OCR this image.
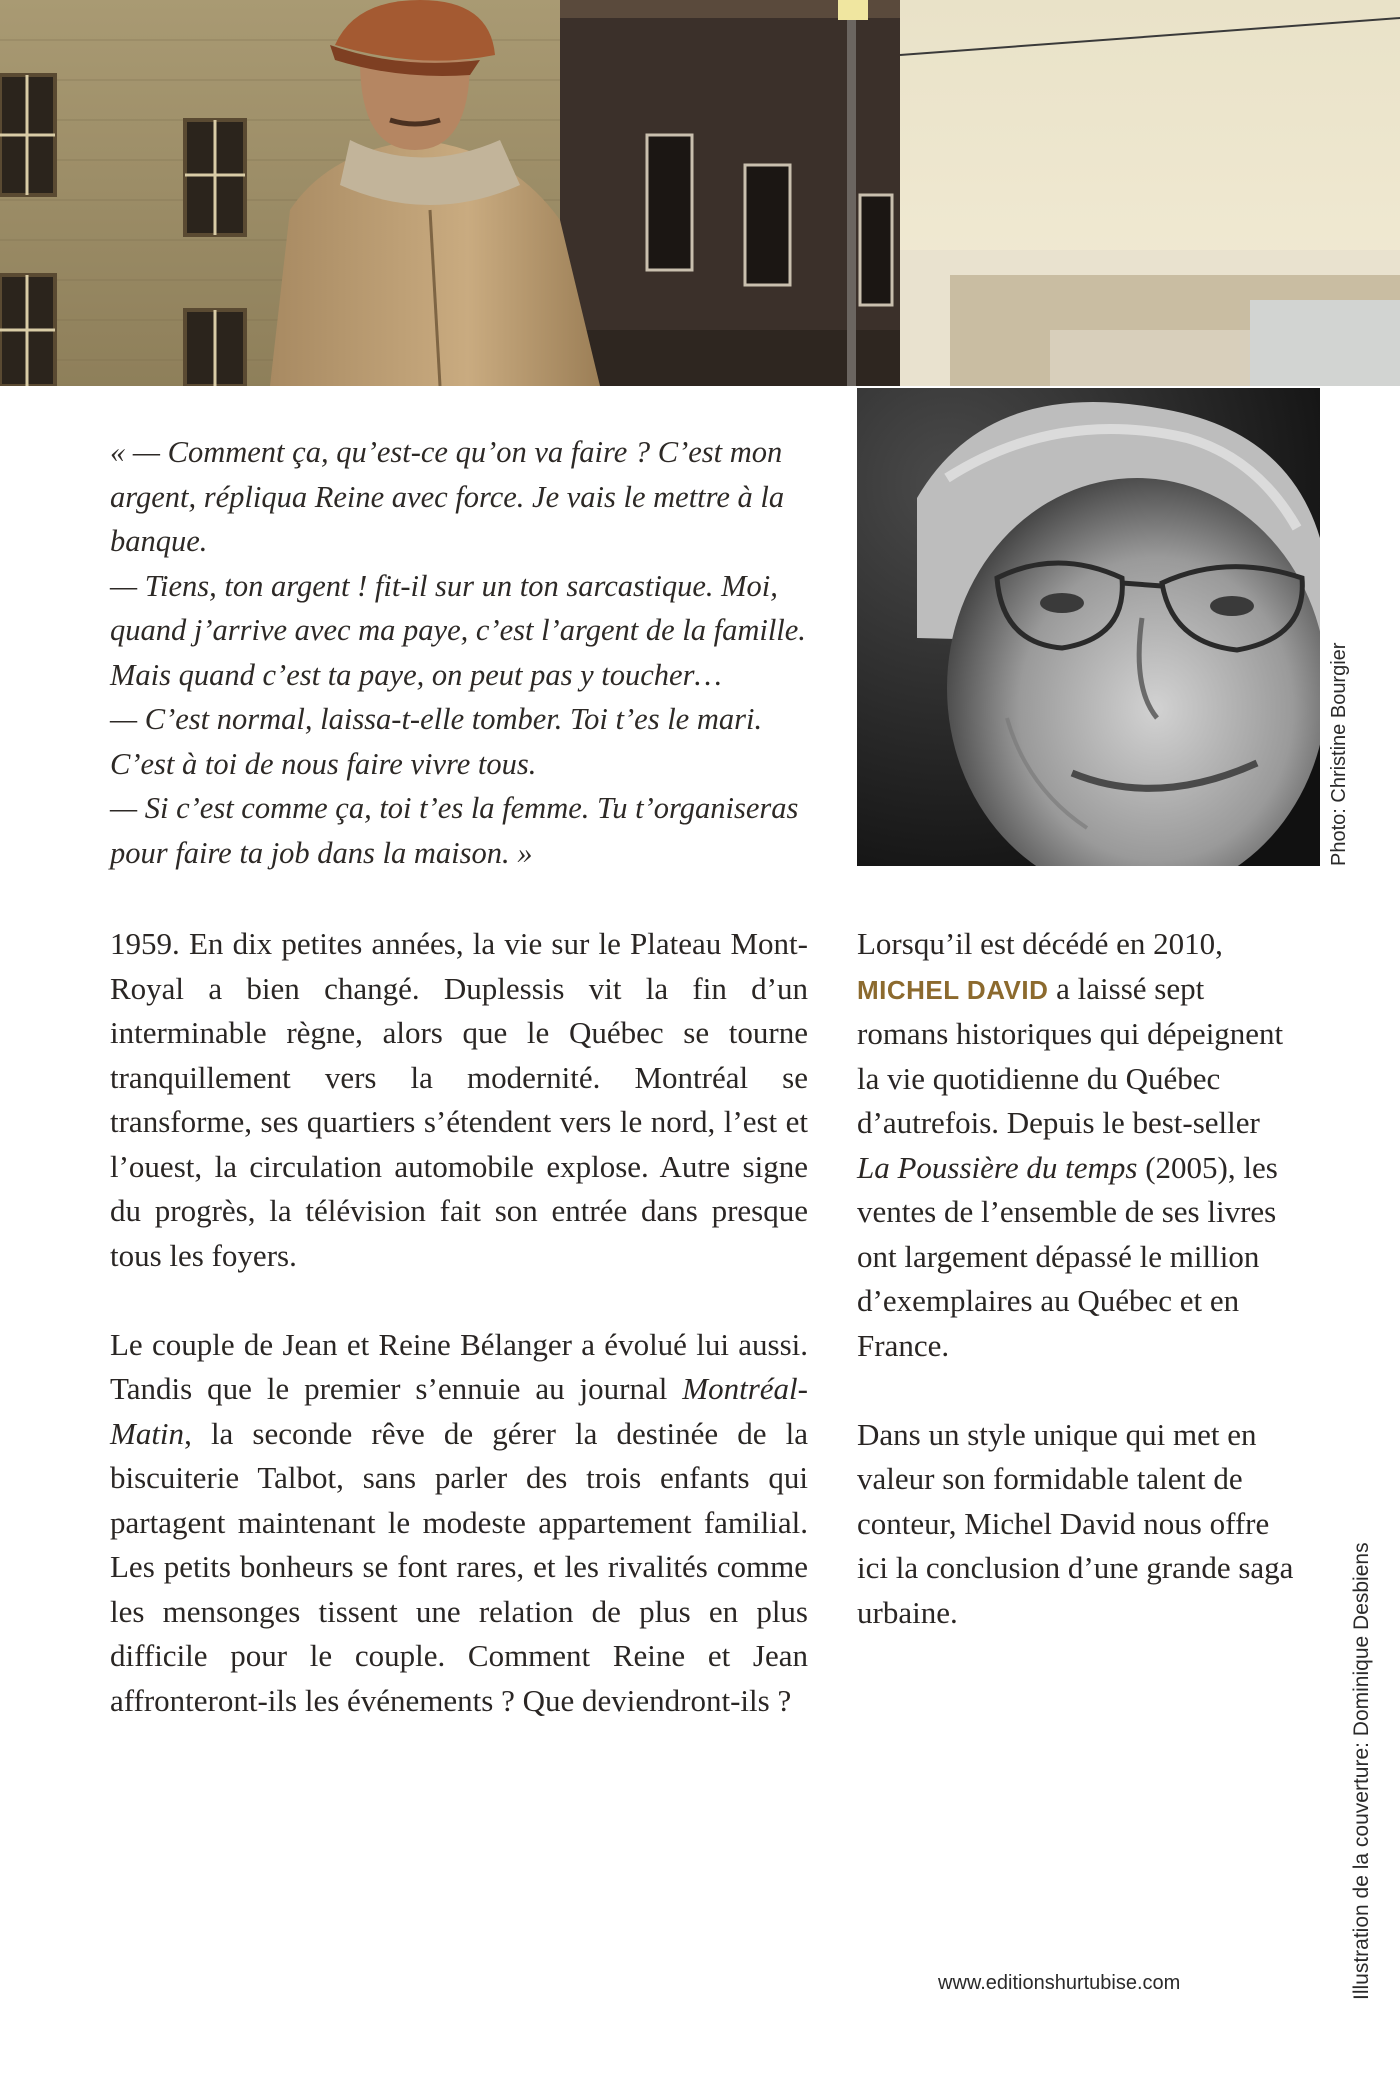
« — Comment ça, qu’est-ce qu’on va faire ? C’est mon argent, répliqua Reine avec force. Je vais le mettre à la banque.

— Tiens, ton argent ! fit-il sur un ton sarcastique. Moi, quand j’arrive avec ma paye, c’est l’argent de la famille. Mais quand c’est ta paye, on peut pas y toucher…

— C’est normal, laissa-t-elle tomber. Toi t’es le mari. C’est à toi de nous faire vivre tous.

— Si c’est comme ça, toi t’es la femme. Tu t’organiseras pour faire ta job dans la maison. »	Photo: Christine Bourgier

1959. En dix petites années, la vie sur le Plateau Mont-Royal a bien changé. Duplessis vit la fin d’un interminable règne, alors que le Québec se tourne tranquillement vers la modernité. Montréal se transforme, ses quartiers s’étendent vers le nord, l’est et l’ouest, la circulation automobile explose. Autre signe du progrès, la télévision fait son entrée dans presque tous les foyers.

Le couple de Jean et Reine Bélanger a évolué lui aussi. Tandis que le premier s’ennuie au journal Montréal-Matin, la seconde rêve de gérer la destinée de la biscuiterie Talbot, sans parler des trois enfants qui partagent maintenant le modeste appartement familial. Les petits bonheurs se font rares, et les rivalités comme les mensonges tissent une relation de plus en plus difficile pour le couple. Comment Reine et Jean affronteront-ils les événements ? Que deviendront-ils ?

Lorsqu’il est décédé en 2010, MICHEL DAVID a laissé sept romans historiques qui dépeignent la vie quotidienne du Québec d’autrefois. Depuis le best-seller La Poussière du temps (2005), les ventes de l’ensemble de ses livres ont largement dépassé le million d’exemplaires au Québec et en France.

Dans un style unique qui met en valeur son formidable talent de conteur, Michel David nous offre ici la conclusion d’une grande saga urbaine.	Illustration de la couverture: Dominique Desbiens
www.editionshurtubise.com
